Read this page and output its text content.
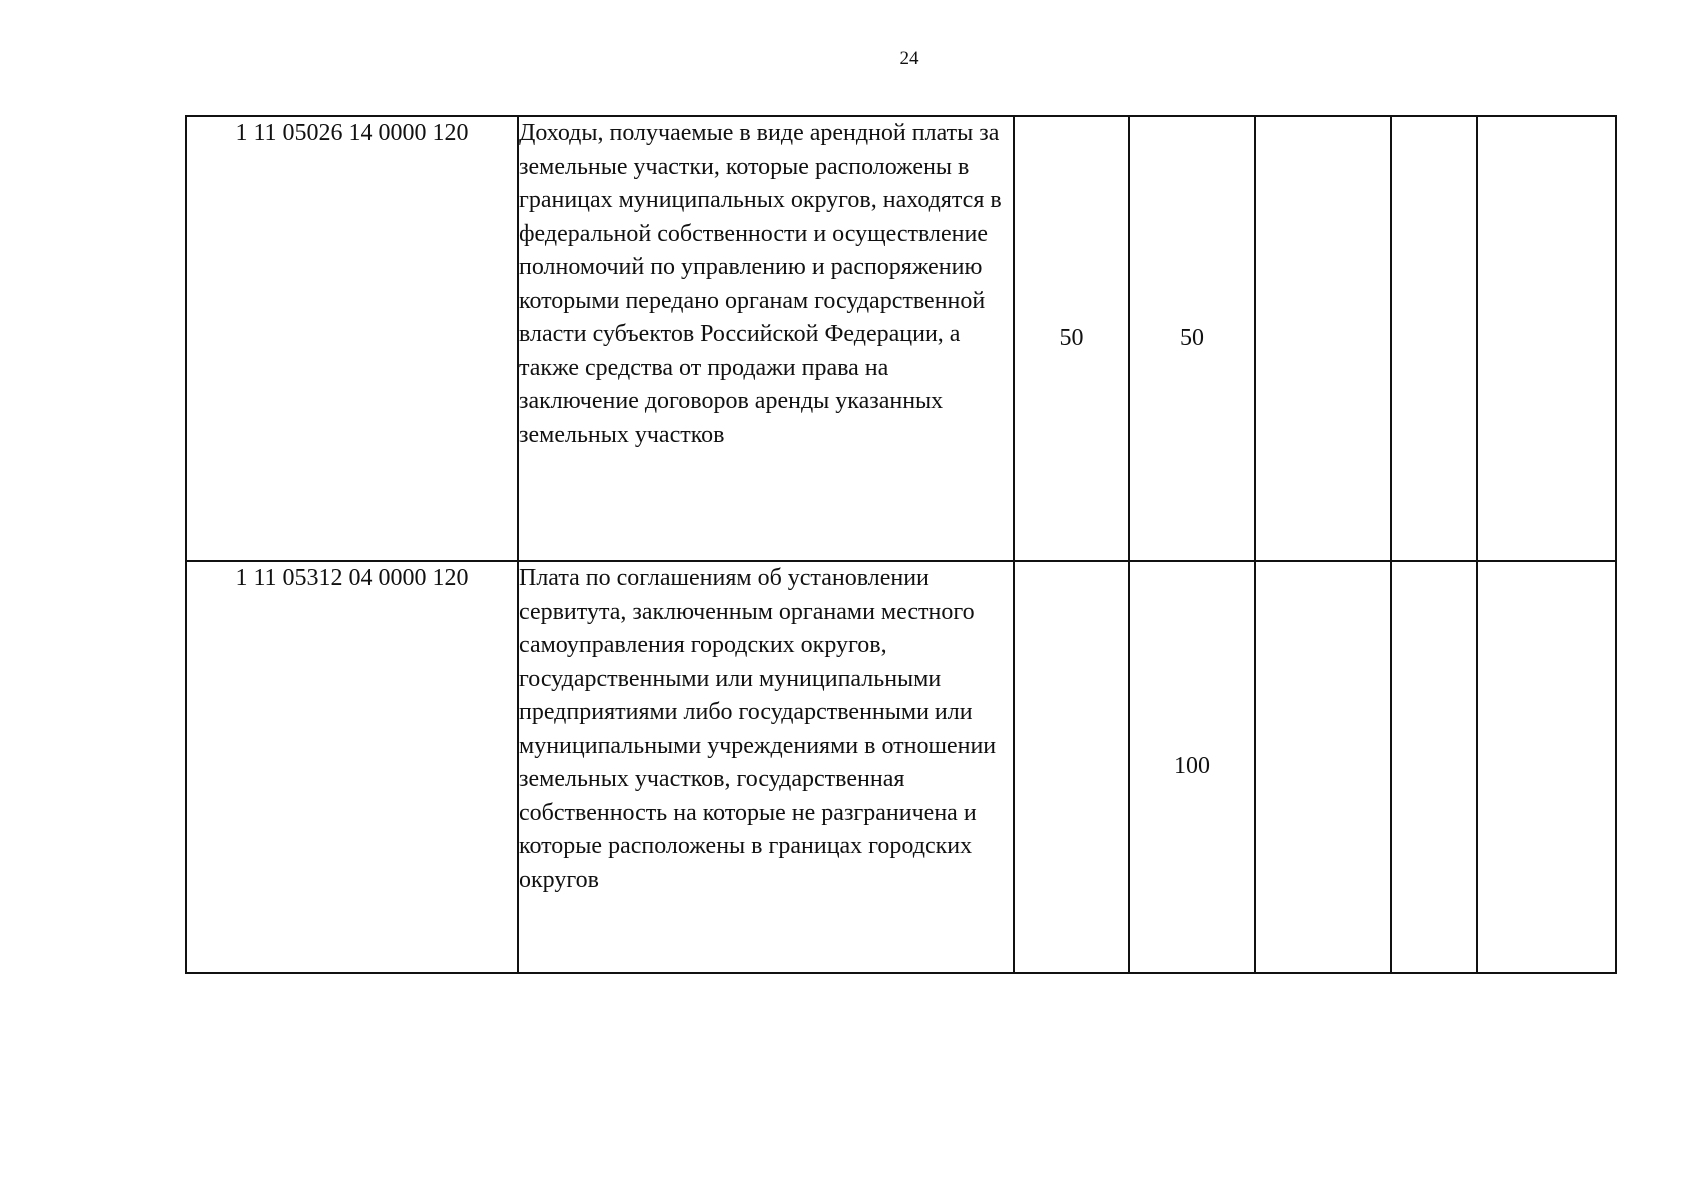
24
1 11 05026 14 0000 120	Доходы, получаемые в виде арендной платы за земельные участки, которые расположены в границах муниципальных округов, находятся в федеральной собственности и осуществление полномочий по управлению и распоряжению которыми передано органам государственной власти субъектов Российской Федерации, а также средства от продажи права на заключение договоров аренды указанных земельных участков	50	50			
1 11 05312 04 0000 120	Плата по соглашениям об установлении сервитута, заключенным органами местного самоуправления городских округов, государственными или муниципальными предприятиями либо государственными или муниципальными учреждениями в отношении земельных участков, государственная собственность на которые не разграничена и которые расположены в границах городских округов		100			
